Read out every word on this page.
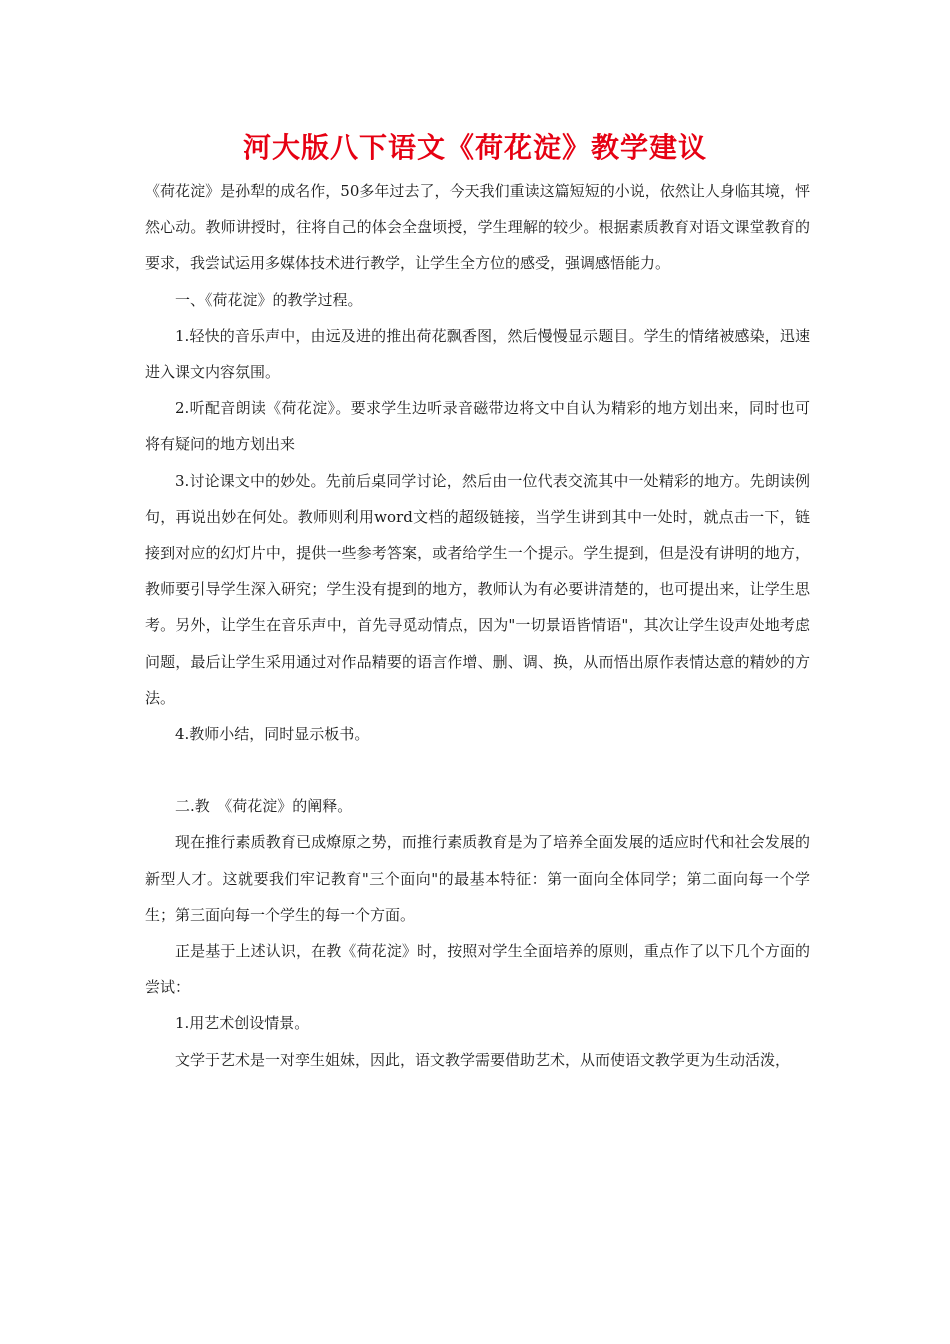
河大版八下语文《荷花淀》教学建议

《荷花淀》是孙犁的成名作，50多年过去了，今天我们重读这篇短短的小说，依然让人身临其境，怦然心动。教师讲授时，往将自己的体会全盘顷授，学生理解的较少。根据素质教育对语文课堂教育的要求，我尝试运用多媒体技术进行教学，让学生全方位的感受，强调感悟能力。

一、《荷花淀》的教学过程。

1.轻快的音乐声中，由远及进的推出荷花飘香图，然后慢慢显示题目。学生的情绪被感染，迅速进入课文内容氛围。

2.听配音朗读《荷花淀》。要求学生边听录音磁带边将文中自认为精彩的地方划出来，同时也可将有疑问的地方划出来

3.讨论课文中的妙处。先前后桌同学讨论，然后由一位代表交流其中一处精彩的地方。先朗读例句，再说出妙在何处。教师则利用word文档的超级链接，当学生讲到其中一处时，就点击一下，链接到对应的幻灯片中，提供一些参考答案，或者给学生一个提示。学生提到，但是没有讲明的地方，教师要引导学生深入研究；学生没有提到的地方，教师认为有必要讲清楚的，也可提出来，让学生思考。另外，让学生在音乐声中，首先寻觅动情点，因为"一切景语皆情语"，其次让学生设声处地考虑问题，最后让学生采用通过对作品精要的语言作增、删、调、换，从而悟出原作表情达意的精妙的方法。

4.教师小结，同时显示板书。

二.教　《荷花淀》的阐释。

现在推行素质教育已成燎原之势，而推行素质教育是为了培养全面发展的适应时代和社会发展的新型人才。这就要我们牢记教育"三个面向"的最基本特征：第一面向全体同学；第二面向每一个学生；第三面向每一个学生的每一个方面。

正是基于上述认识，在教《荷花淀》时，按照对学生全面培养的原则，重点作了以下几个方面的尝试：

1.用艺术创设情景。

文学于艺术是一对孪生姐妹，因此，语文教学需要借助艺术，从而使语文教学更为生动活泼，
